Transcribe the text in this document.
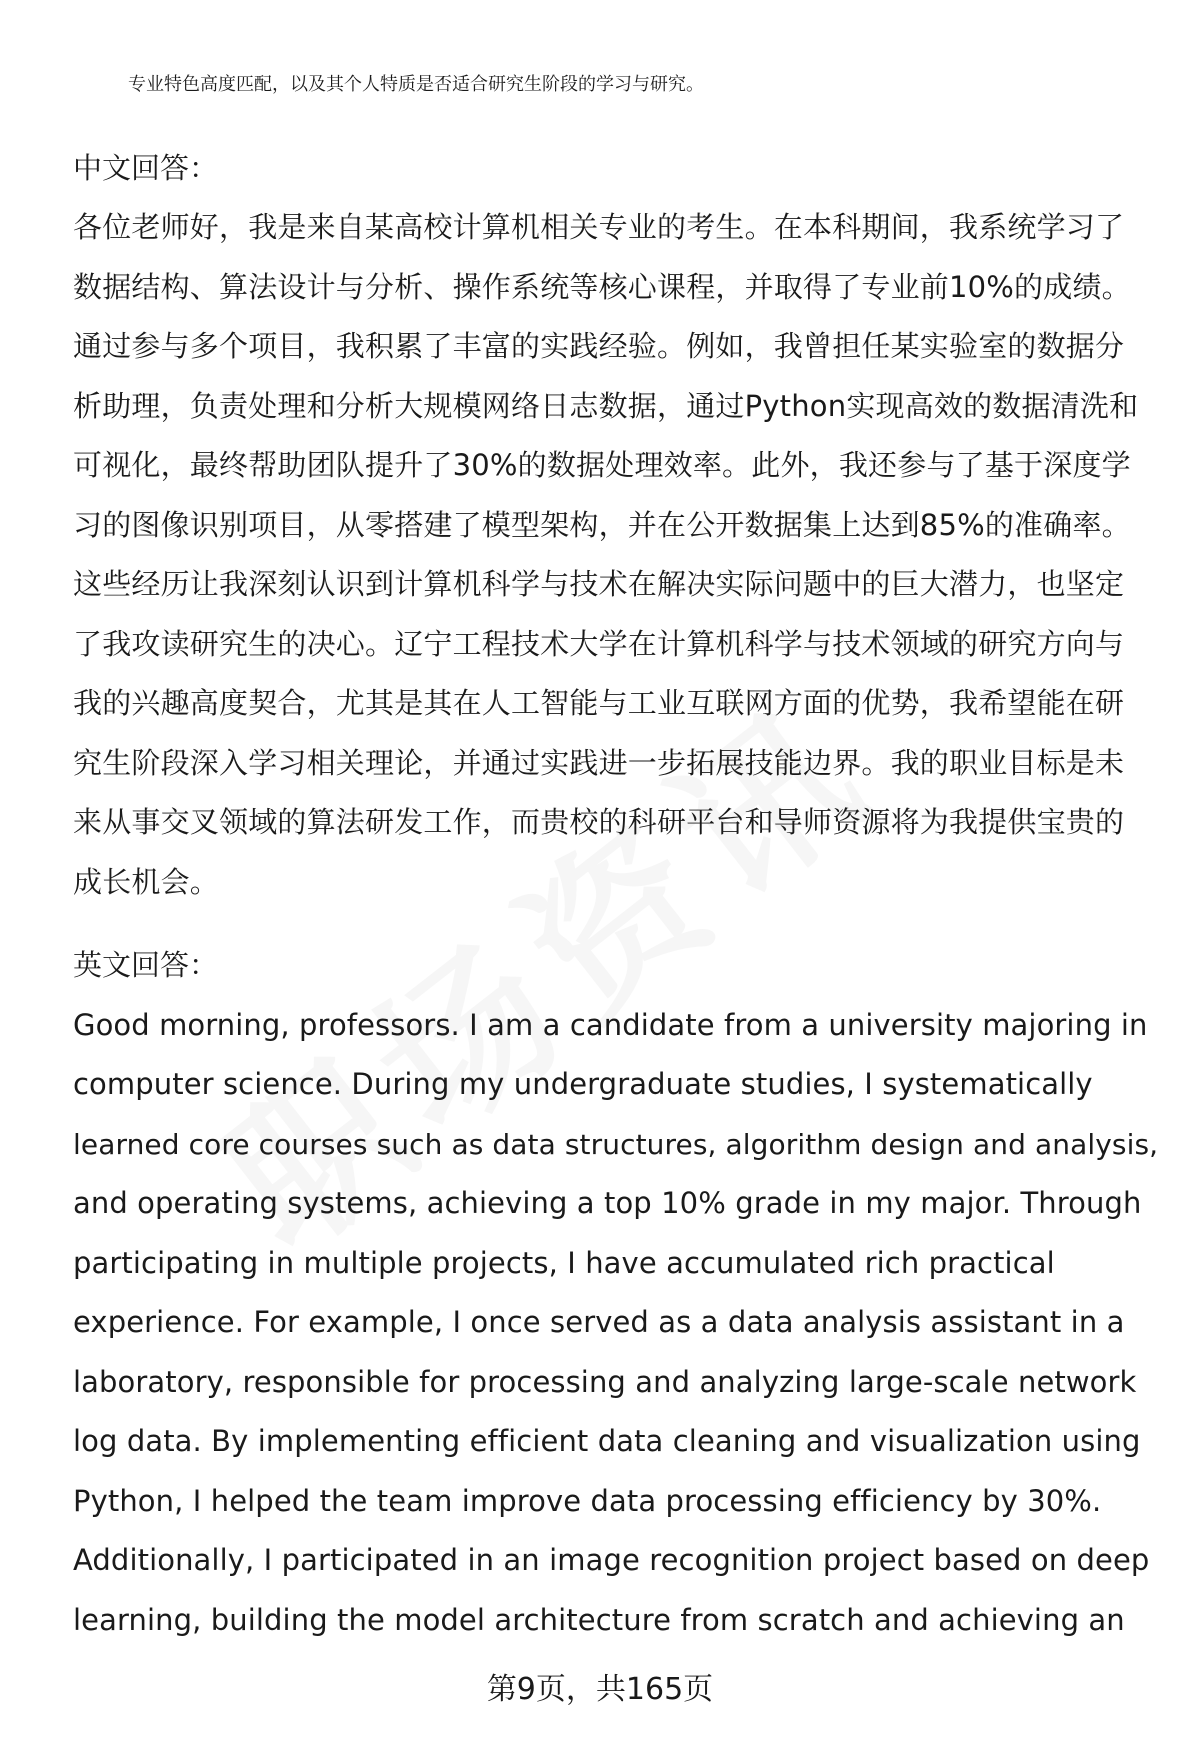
专业特色高度匹配，以及其个人特质是否适合研究生阶段的学习与研究。

中文回答：

各位老师好，我是来自某高校计算机相关专业的考生。在本科期间，我系统学习了

数据结构、算法设计与分析、操作系统等核心课程，并取得了专业前10%的成绩。

通过参与多个项目，我积累了丰富的实践经验。例如，我曾担任某实验室的数据分

析助理，负责处理和分析大规模网络日志数据，通过Python实现高效的数据清洗和

可视化，最终帮助团队提升了30%的数据处理效率。此外，我还参与了基于深度学

习的图像识别项目，从零搭建了模型架构，并在公开数据集上达到85%的准确率。

这些经历让我深刻认识到计算机科学与技术在解决实际问题中的巨大潜力，也坚定

了我攻读研究生的决心。辽宁工程技术大学在计算机科学与技术领域的研究方向与

我的兴趣高度契合，尤其是其在人工智能与工业互联网方面的优势，我希望能在研

究生阶段深入学习相关理论，并通过实践进一步拓展技能边界。我的职业目标是未

来从事交叉领域的算法研发工作，而贵校的科研平台和导师资源将为我提供宝贵的

成长机会。

英文回答：

Good morning, professors. I am a candidate from a university majoring in

computer science. During my undergraduate studies, I systematically

learned core courses such as data structures, algorithm design and analysis,

and operating systems, achieving a top 10% grade in my major. Through

participating in multiple projects, I have accumulated rich practical

experience. For example, I once served as a data analysis assistant in a

laboratory, responsible for processing and analyzing large-scale network

log data. By implementing efficient data cleaning and visualization using

Python, I helped the team improve data processing efficiency by 30%.

Additionally, I participated in an image recognition project based on deep

learning, building the model architecture from scratch and achieving an

第9页，共165页
